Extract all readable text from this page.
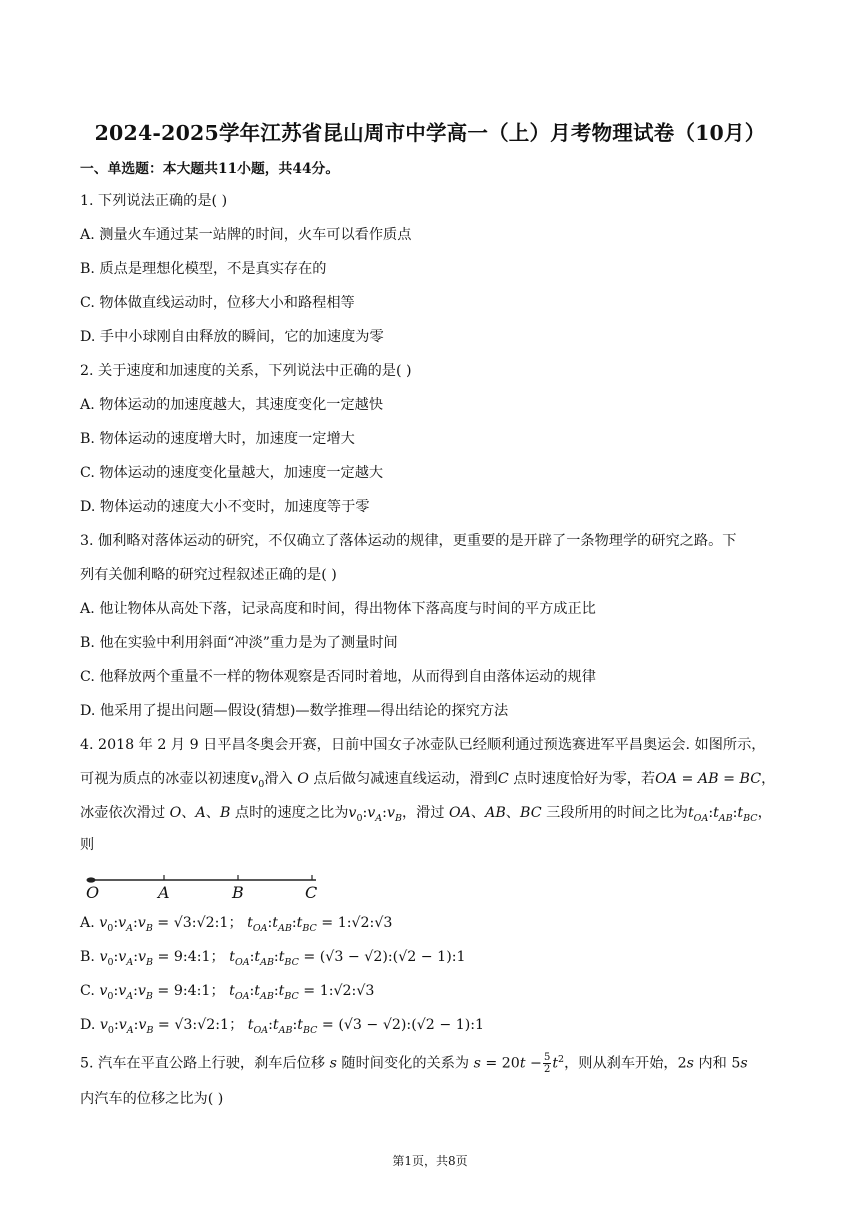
2024-2025学年江苏省昆山周市中学高一（上）月考物理试卷（10月）
一、单选题：本大题共11小题，共44分。
1. 下列说法正确的是( )
A. 测量火车通过某一站牌的时间，火车可以看作质点
B. 质点是理想化模型，不是真实存在的
C. 物体做直线运动时，位移大小和路程相等
D. 手中小球刚自由释放的瞬间，它的加速度为零
2. 关于速度和加速度的关系，下列说法中正确的是( )
A. 物体运动的加速度越大，其速度变化一定越快
B. 物体运动的速度增大时，加速度一定增大
C. 物体运动的速度变化量越大，加速度一定越大
D. 物体运动的速度大小不变时，加速度等于零
3. 伽利略对落体运动的研究，不仅确立了落体运动的规律，更重要的是开辟了一条物理学的研究之路。下
列有关伽利略的研究过程叙述正确的是( )
A. 他让物体从高处下落，记录高度和时间，得出物体下落高度与时间的平方成正比
B. 他在实验中利用斜面“冲淡”重力是为了测量时间
C. 他释放两个重量不一样的物体观察是否同时着地，从而得到自由落体运动的规律
D. 他采用了提出问题—假设(猜想)—数学推理—得出结论的探究方法
4. 2018 年 2 月 9 日平昌冬奥会开赛，日前中国女子冰壶队已经顺利通过预选赛进军平昌奥运会. 如图所示，
可视为质点的冰壶以初速度$v_0$滑入 O 点后做匀减速直线运动，滑到C 点时速度恰好为零，若OA = AB = BC，
冰壶依次滑过 O、A、B 点时的速度之比为$v_0:v_A:v_B$，滑过 OA、AB、BC 三段所用的时间之比为$t_{OA}:t_{AB}:t_{BC}$，
则
O	A	B	C
A. $v_0:v_A:v_B$ = √3:√2:1； $t_{OA}:t_{AB}:t_{BC}$ = 1:√2:√3
B. $v_0:v_A:v_B$ = 9:4:1； $t_{OA}:t_{AB}:t_{BC} = (√3$ − √2):(√2 − 1):1
C. $v_0:v_A:v_B$ = 9:4:1； $t_{OA}:t_{AB}:t_{BC}$ = 1:√2:√3
D. $v_0:v_A:v_B$ = √3:√2:1； $t_{OA}:t_{AB}:t_{BC} = (√3$ − √2):(√2 − 1):1
5. 汽车在平直公路上行驶，刹车后位移 s 随时间变化的关系为 $s = 20t - \frac{5}{2} t^2$，则从刹车开始，2s 内和 5s
内汽车的位移之比为( )
第1页，共8页
